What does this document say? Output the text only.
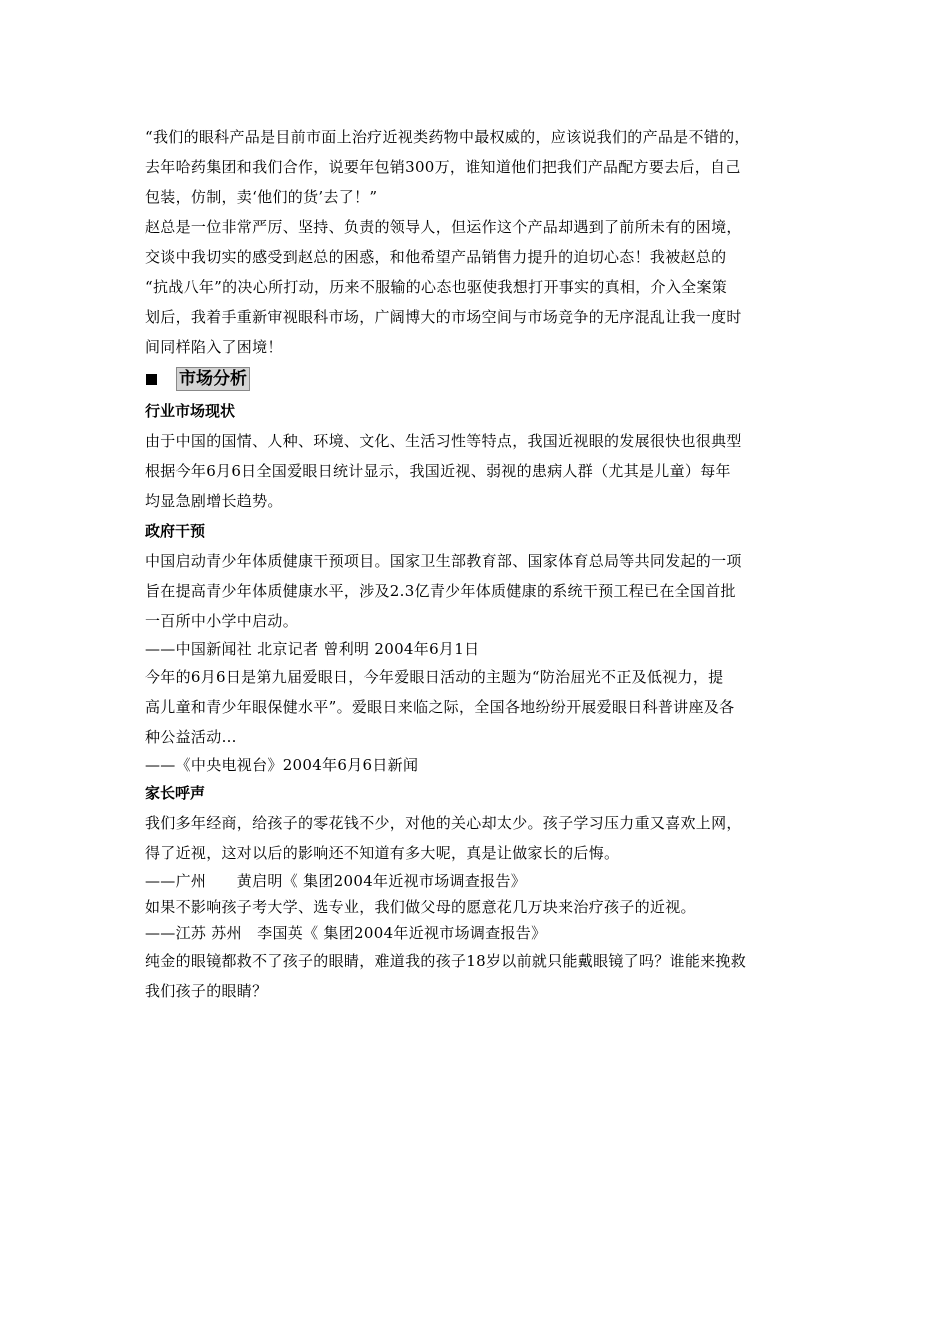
“我们的眼科产品是目前市面上治疗近视类药物中最权威的，应该说我们的产品是不错的，
去年哈药集团和我们合作，说要年包销300万，谁知道他们把我们产品配方要去后，自己
包装，仿制，卖‘他们的货’去了！”
赵总是一位非常严厉、坚持、负责的领导人，但运作这个产品却遇到了前所未有的困境，
交谈中我切实的感受到赵总的困惑，和他希望产品销售力提升的迫切心态！我被赵总的
“抗战八年”的决心所打动，历来不服输的心态也驱使我想打开事实的真相，介入全案策
划后，我着手重新审视眼科市场，广阔博大的市场空间与市场竞争的无序混乱让我一度时
间同样陷入了困境！
市场分析
行业市场现状
由于中国的国情、人种、环境、文化、生活习性等特点，我国近视眼的发展很快也很典型
根据今年6月6日全国爱眼日统计显示，我国近视、弱视的患病人群（尤其是儿童）每年
均显急剧增长趋势。
政府干预
中国启动青少年体质健康干预项目。国家卫生部教育部、国家体育总局等共同发起的一项
旨在提高青少年体质健康水平，涉及2.3亿青少年体质健康的系统干预工程已在全国首批
一百所中小学中启动。
——中国新闻社 北京记者 曾利明 2004年6月1日
今年的6月6日是第九届爱眼日，今年爱眼日活动的主题为“防治屈光不正及低视力，提
高儿童和青少年眼保健水平”。爱眼日来临之际，全国各地纷纷开展爱眼日科普讲座及各
种公益活动…
——《中央电视台》2004年6月6日新闻
家长呼声
我们多年经商，给孩子的零花钱不少，对他的关心却太少。孩子学习压力重又喜欢上网，
得了近视，这对以后的影响还不知道有多大呢，真是让做家长的后悔。
——广州　　黄启明《 集团2004年近视市场调查报告》
如果不影响孩子考大学、选专业，我们做父母的愿意花几万块来治疗孩子的近视。
——江苏 苏州　李国英《 集团2004年近视市场调查报告》
纯金的眼镜都救不了孩子的眼睛，难道我的孩子18岁以前就只能戴眼镜了吗？谁能来挽救
我们孩子的眼睛？
